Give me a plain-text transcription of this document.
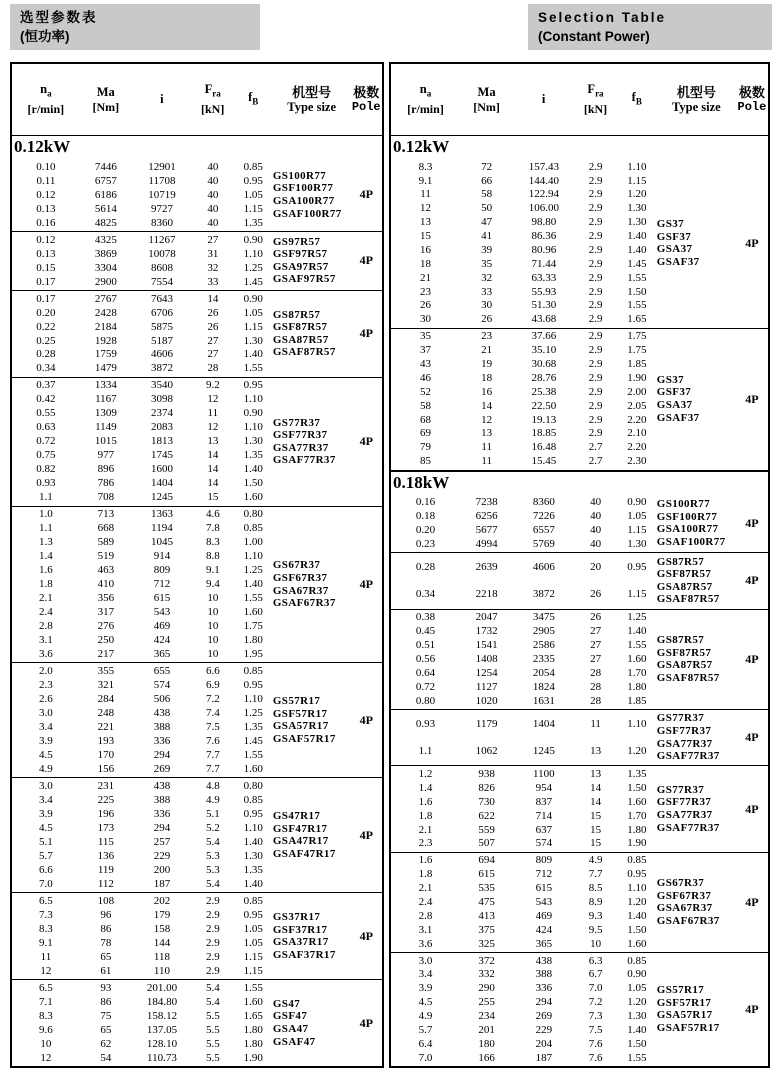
选型参数表
(恒功率)
Selection Table
(Constant Power)
$n_a$
[r/min]
Ma
[Nm]
i
$F_{ra}$
[kN]
$f_B$
机型号
Type size
极数
Pole
0.12kW
0.10	7446	12901	40	0.85
0.11	6757	11708	40	0.95
0.12	6186	10719	40	1.05
0.13	5614	9727	40	1.15
0.16	4825	8360	40	1.35
GS100R77
GSF100R77
GSA100R77
GSAF100R77
4P
0.12	4325	11267	27	0.90
0.13	3869	10078	31	1.10
0.15	3304	8608	32	1.25
0.17	2900	7554	33	1.45
GS97R57
GSF97R57
GSA97R57
GSAF97R57
4P
0.17	2767	7643	14	0.90
0.20	2428	6706	26	1.05
0.22	2184	5875	26	1.15
0.25	1928	5187	27	1.30
0.28	1759	4606	27	1.40
0.34	1479	3872	28	1.55
GS87R57
GSF87R57
GSA87R57
GSAF87R57
4P
0.37	1334	3540	9.2	0.95
0.42	1167	3098	12	1.10
0.55	1309	2374	11	0.90
0.63	1149	2083	12	1.10
0.72	1015	1813	13	1.30
0.75	977	1745	14	1.35
0.82	896	1600	14	1.40
0.93	786	1404	14	1.50
1.1	708	1245	15	1.60
GS77R37
GSF77R37
GSA77R37
GSAF77R37
4P
1.0	713	1363	4.6	0.80
1.1	668	1194	7.8	0.85
1.3	589	1045	8.3	1.00
1.4	519	914	8.8	1.10
1.6	463	809	9.1	1.25
1.8	410	712	9.4	1.40
2.1	356	615	10	1.55
2.4	317	543	10	1.60
2.8	276	469	10	1.75
3.1	250	424	10	1.80
3.6	217	365	10	1.95
GS67R37
GSF67R37
GSA67R37
GSAF67R37
4P
2.0	355	655	6.6	0.85
2.3	321	574	6.9	0.95
2.6	284	506	7.2	1.10
3.0	248	438	7.4	1.25
3.4	221	388	7.5	1.35
3.9	193	336	7.6	1.45
4.5	170	294	7.7	1.55
4.9	156	269	7.7	1.60
GS57R17
GSF57R17
GSA57R17
GSAF57R17
4P
3.0	231	438	4.8	0.80
3.4	225	388	4.9	0.85
3.9	196	336	5.1	0.95
4.5	173	294	5.2	1.10
5.1	115	257	5.4	1.40
5.7	136	229	5.3	1.30
6.6	119	200	5.3	1.35
7.0	112	187	5.4	1.40
GS47R17
GSF47R17
GSA47R17
GSAF47R17
4P
6.5	108	202	2.9	0.85
7.3	96	179	2.9	0.95
8.3	86	158	2.9	1.05
9.1	78	144	2.9	1.05
11	65	118	2.9	1.15
12	61	110	2.9	1.15
GS37R17
GSF37R17
GSA37R17
GSAF37R17
4P
6.5	93	201.00	5.4	1.55
7.1	86	184.80	5.4	1.60
8.3	75	158.12	5.5	1.65
9.6	65	137.05	5.5	1.80
10	62	128.10	5.5	1.80
12	54	110.73	5.5	1.90
GS47
GSF47
GSA47
GSAF47
4P
$n_a$
[r/min]
Ma
[Nm]
i
$F_{ra}$
[kN]
$f_B$
机型号
Type size
极数
Pole
0.12kW
8.3	72	157.43	2.9	1.10
9.1	66	144.40	2.9	1.15
11	58	122.94	2.9	1.20
12	50	106.00	2.9	1.30
13	47	98.80	2.9	1.30
15	41	86.36	2.9	1.40
16	39	80.96	2.9	1.40
18	35	71.44	2.9	1.45
21	32	63.33	2.9	1.55
23	33	55.93	2.9	1.50
26	30	51.30	2.9	1.55
30	26	43.68	2.9	1.65
GS37
GSF37
GSA37
GSAF37
4P
35	23	37.66	2.9	1.75
37	21	35.10	2.9	1.75
43	19	30.68	2.9	1.85
46	18	28.76	2.9	1.90
52	16	25.38	2.9	2.00
58	14	22.50	2.9	2.05
68	12	19.13	2.9	2.20
69	13	18.85	2.9	2.10
79	11	16.48	2.7	2.20
85	11	15.45	2.7	2.30
GS37
GSF37
GSA37
GSAF37
4P
0.18kW
0.16	7238	8360	40	0.90
0.18	6256	7226	40	1.05
0.20	5677	6557	40	1.15
0.23	4994	5769	40	1.30
GS100R77
GSF100R77
GSA100R77
GSAF100R77
4P
0.28	2639	4606	20	0.95
0.34	2218	3872	26	1.15
GS87R57
GSF87R57
GSA87R57
GSAF87R57
4P
0.38	2047	3475	26	1.25
0.45	1732	2905	27	1.40
0.51	1541	2586	27	1.55
0.56	1408	2335	27	1.60
0.64	1254	2054	28	1.70
0.72	1127	1824	28	1.80
0.80	1020	1631	28	1.85
GS87R57
GSF87R57
GSA87R57
GSAF87R57
4P
0.93	1179	1404	11	1.10
1.1	1062	1245	13	1.20
GS77R37
GSF77R37
GSA77R37
GSAF77R37
4P
1.2	938	1100	13	1.35
1.4	826	954	14	1.50
1.6	730	837	14	1.60
1.8	622	714	15	1.70
2.1	559	637	15	1.80
2.3	507	574	15	1.90
GS77R37
GSF77R37
GSA77R37
GSAF77R37
4P
1.6	694	809	4.9	0.85
1.8	615	712	7.7	0.95
2.1	535	615	8.5	1.10
2.4	475	543	8.9	1.20
2.8	413	469	9.3	1.40
3.1	375	424	9.5	1.50
3.6	325	365	10	1.60
GS67R37
GSF67R37
GSA67R37
GSAF67R37
4P
3.0	372	438	6.3	0.85
3.4	332	388	6.7	0.90
3.9	290	336	7.0	1.05
4.5	255	294	7.2	1.20
4.9	234	269	7.3	1.30
5.7	201	229	7.5	1.40
6.4	180	204	7.6	1.50
7.0	166	187	7.6	1.55
GS57R17
GSF57R17
GSA57R17
GSAF57R17
4P
